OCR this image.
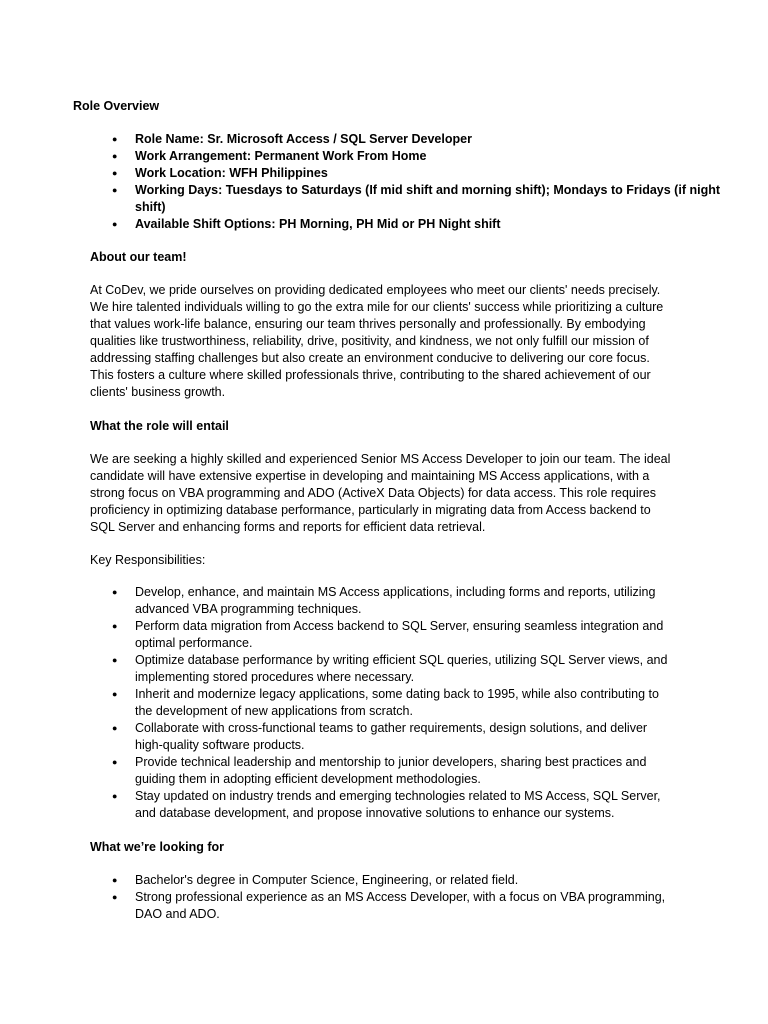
Role Overview
● Role Name: Sr. Microsoft Access / SQL Server Developer
● Work Arrangement: Permanent Work From Home
● Work Location: WFH Philippines
● Working Days: Tuesdays to Saturdays (If mid shift and morning shift); Mondays to Fridays (if night
shift)
● Available Shift Options: PH Morning, PH Mid or PH Night shift
About our team!

At CoDev, we pride ourselves on providing dedicated employees who meet our clients' needs precisely.
We hire talented individuals willing to go the extra mile for our clients' success while prioritizing a culture
that values work-life balance, ensuring our team thrives personally and professionally. By embodying
qualities like trustworthiness, reliability, drive, positivity, and kindness, we not only fulfill our mission of
addressing staffing challenges but also create an environment conducive to delivering our core focus.
This fosters a culture where skilled professionals thrive, contributing to the shared achievement of our
clients' business growth.

What the role will entail

We are seeking a highly skilled and experienced Senior MS Access Developer to join our team. The ideal
candidate will have extensive expertise in developing and maintaining MS Access applications, with a
strong focus on VBA programming and ADO (ActiveX Data Objects) for data access. This role requires
proficiency in optimizing database performance, particularly in migrating data from Access backend to
SQL Server and enhancing forms and reports for efficient data retrieval.

Key Responsibilities:

● Develop, enhance, and maintain MS Access applications, including forms and reports, utilizing
advanced VBA programming techniques.
● Perform data migration from Access backend to SQL Server, ensuring seamless integration and
optimal performance.
● Optimize database performance by writing efficient SQL queries, utilizing SQL Server views, and
implementing stored procedures where necessary.
● Inherit and modernize legacy applications, some dating back to 1995, while also contributing to
the development of new applications from scratch.
● Collaborate with cross-functional teams to gather requirements, design solutions, and deliver
high-quality software products.
● Provide technical leadership and mentorship to junior developers, sharing best practices and
guiding them in adopting efficient development methodologies.
● Stay updated on industry trends and emerging technologies related to MS Access, SQL Server,
and database development, and propose innovative solutions to enhance our systems.
What we’re looking for
● Bachelor's degree in Computer Science, Engineering, or related field.
● Strong professional experience as an MS Access Developer, with a focus on VBA programming,
DAO and ADO.
